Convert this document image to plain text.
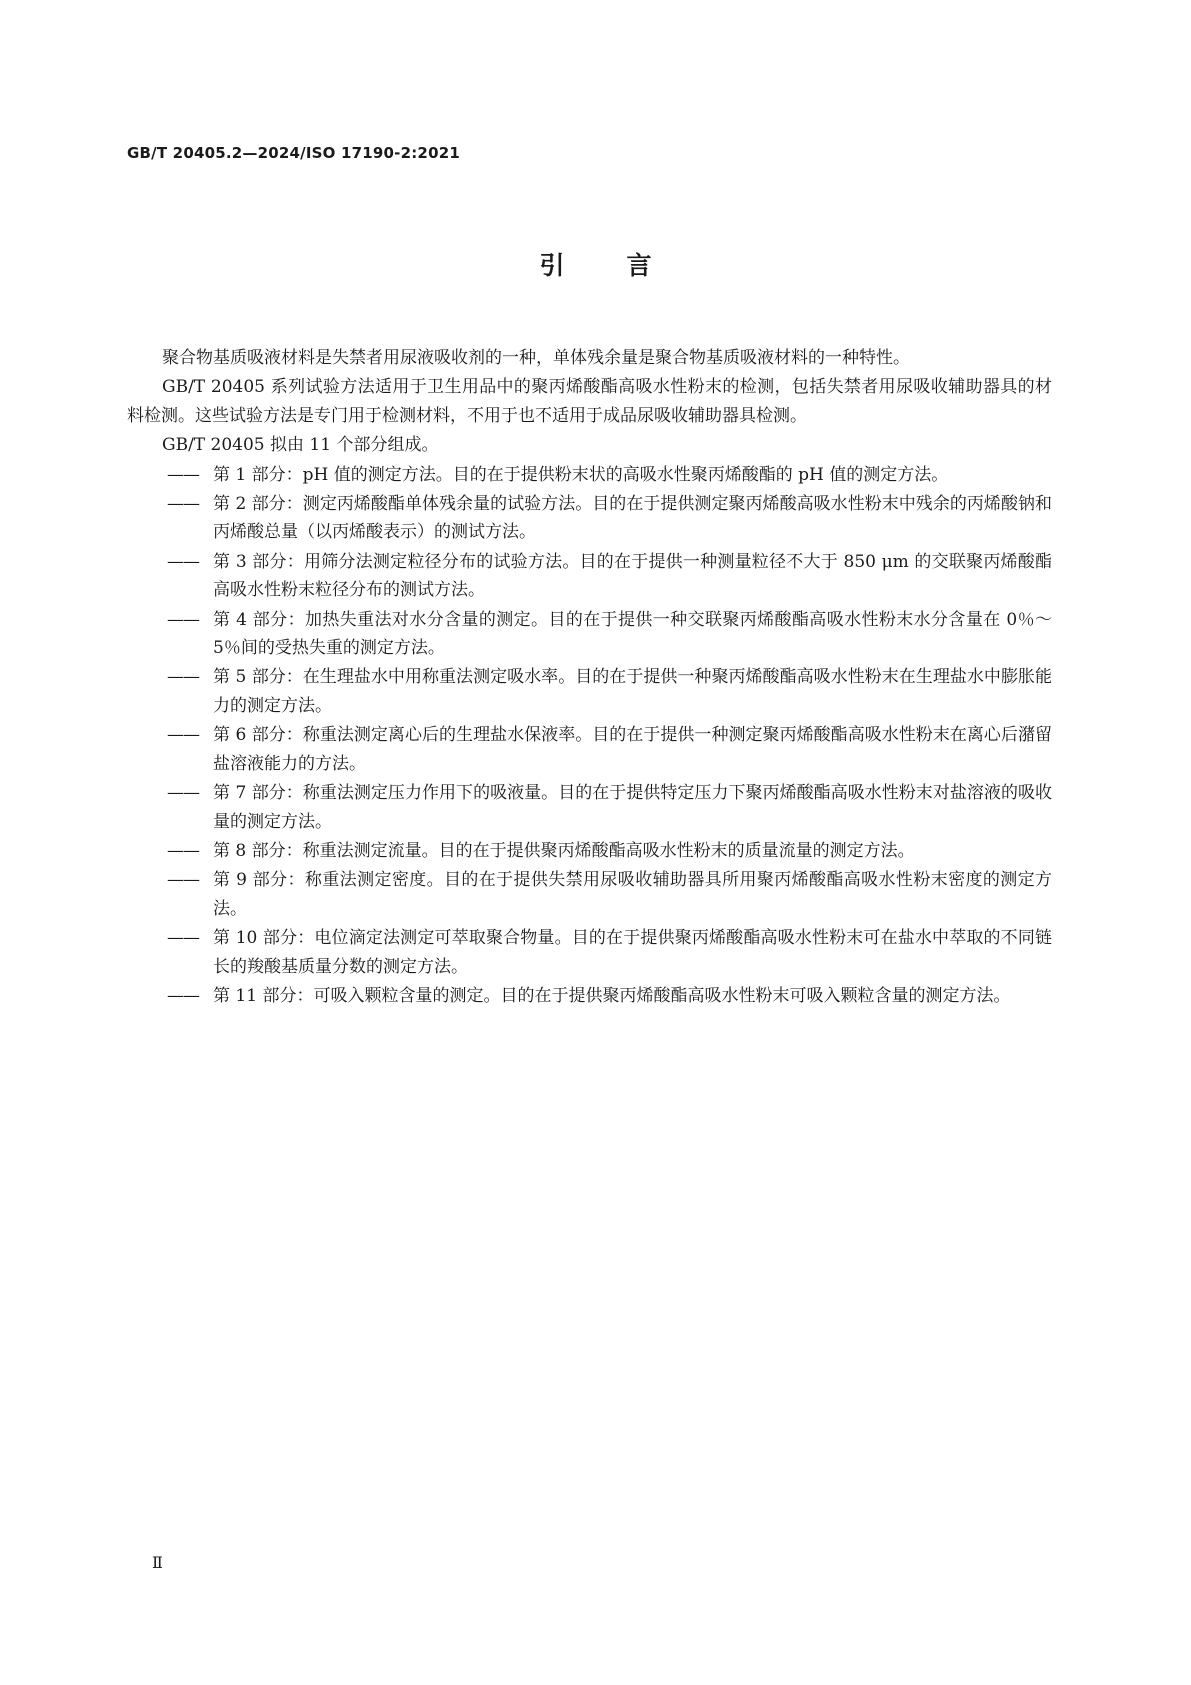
GB/T 20405.2—2024/ISO 17190-2:2021
引言

聚合物基质吸液材料是失禁者用尿液吸收剂的一种，单体残余量是聚合物基质吸液材料的一种特性。

GB/T 20405 系列试验方法适用于卫生用品中的聚丙烯酸酯高吸水性粉末的检测，包括失禁者用尿吸收辅助器具的材料检测。这些试验方法是专门用于检测材料，不用于也不适用于成品尿吸收辅助器具检测。

GB/T 20405 拟由 11 个部分组成。

—— 第 1 部分：pH 值的测定方法。目的在于提供粉末状的高吸水性聚丙烯酸酯的 pH 值的测定方法。
—— 第 2 部分：测定丙烯酸酯单体残余量的试验方法。目的在于提供测定聚丙烯酸高吸水性粉末中残余的丙烯酸钠和丙烯酸总量（以丙烯酸表示）的测试方法。
—— 第 3 部分：用筛分法测定粒径分布的试验方法。目的在于提供一种测量粒径不大于 850 μm 的交联聚丙烯酸酯高吸水性粉末粒径分布的测试方法。
—— 第 4 部分：加热失重法对水分含量的测定。目的在于提供一种交联聚丙烯酸酯高吸水性粉末水分含量在 0％～5％间的受热失重的测定方法。
—— 第 5 部分：在生理盐水中用称重法测定吸水率。目的在于提供一种聚丙烯酸酯高吸水性粉末在生理盐水中膨胀能力的测定方法。
—— 第 6 部分：称重法测定离心后的生理盐水保液率。目的在于提供一种测定聚丙烯酸酯高吸水性粉末在离心后潴留盐溶液能力的方法。
—— 第 7 部分：称重法测定压力作用下的吸液量。目的在于提供特定压力下聚丙烯酸酯高吸水性粉末对盐溶液的吸收量的测定方法。
—— 第 8 部分：称重法测定流量。目的在于提供聚丙烯酸酯高吸水性粉末的质量流量的测定方法。
—— 第 9 部分：称重法测定密度。目的在于提供失禁用尿吸收辅助器具所用聚丙烯酸酯高吸水性粉末密度的测定方法。
—— 第 10 部分：电位滴定法测定可萃取聚合物量。目的在于提供聚丙烯酸酯高吸水性粉末可在盐水中萃取的不同链长的羧酸基质量分数的测定方法。
—— 第 11 部分：可吸入颗粒含量的测定。目的在于提供聚丙烯酸酯高吸水性粉末可吸入颗粒含量的测定方法。
Ⅱ
